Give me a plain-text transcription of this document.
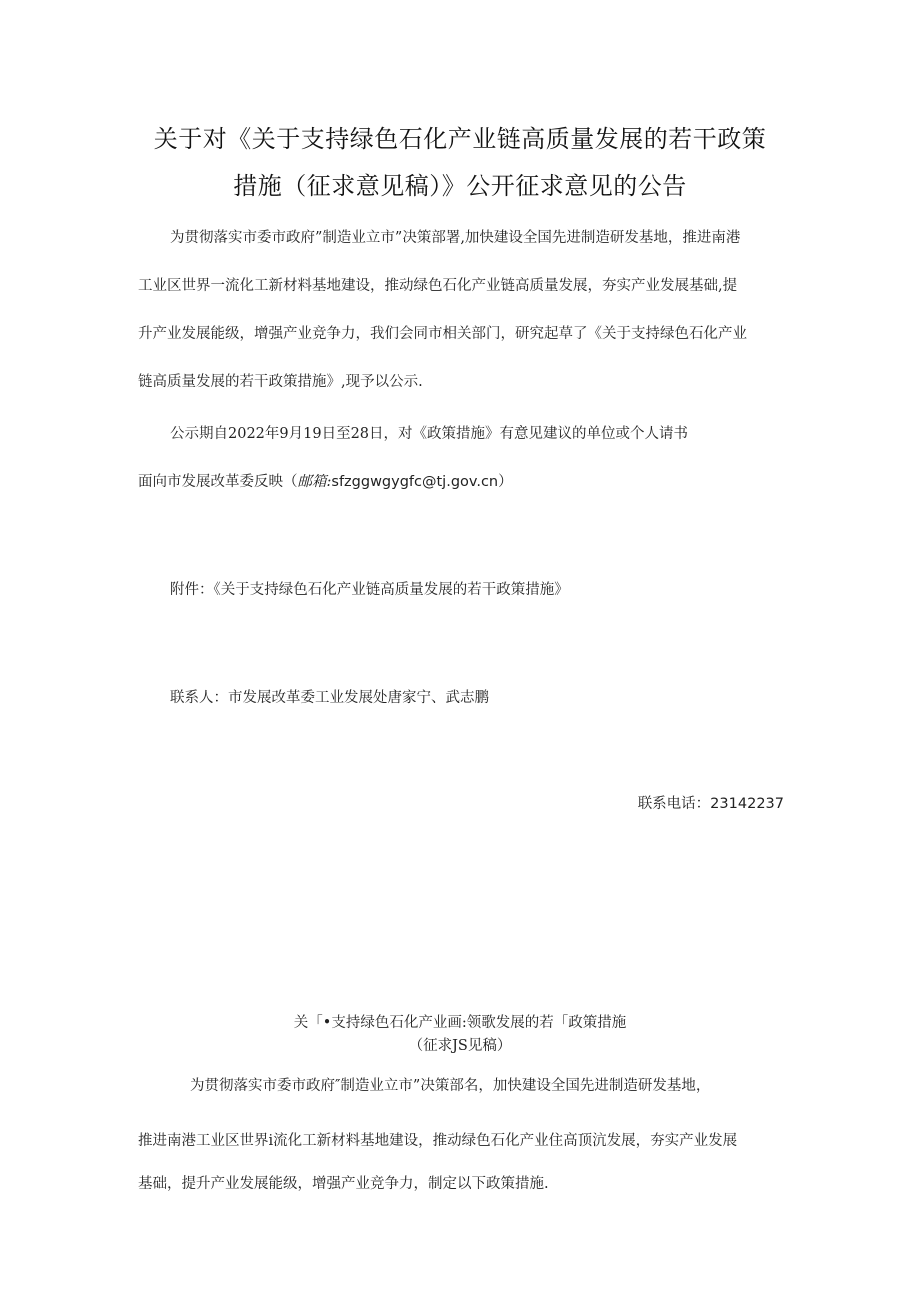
关于对《关于支持绿色石化产业链高质量发展的若干政策
措施（征求意见稿）》公开征求意见的公告
为贯彻落实市委市政府”制造业立市”决策部署,加快建设全国先进制造研发基地，推进南港
工业区世界一流化工新材料基地建设，推动绿色石化产业链高质量发展，夯实产业发展基础,提
升产业发展能级，增强产业竞争力，我们会同市相关部门，研究起草了《关于支持绿色石化产业
链高质量发展的若干政策措施》,现予以公示.
公示期自2022年9月19日至28日，对《政策措施》有意见建议的单位或个人请书
面向市发展改革委反映（邮箱:sfzggwgygfc@tj.gov.cn）
附件：《关于支持绿色石化产业链高质量发展的若干政策措施》
联系人：市发展改革委工业发展处唐家宁、武志鹏
联系电话：23142237
关「•支持绿色石化产业画:领歌发展的若「政策措施
（征求JS见稿）
为贯彻落实市委市政府″制造业立市”决策部名，加快建设全国先进制造研发基地，
推进南港工业区世界i流化工新材料基地建设，推动绿色石化产业住高顶沆发展，夯实产业发展
基础，提升产业发展能级，增强产业竞争力，制定以下政策措施.
